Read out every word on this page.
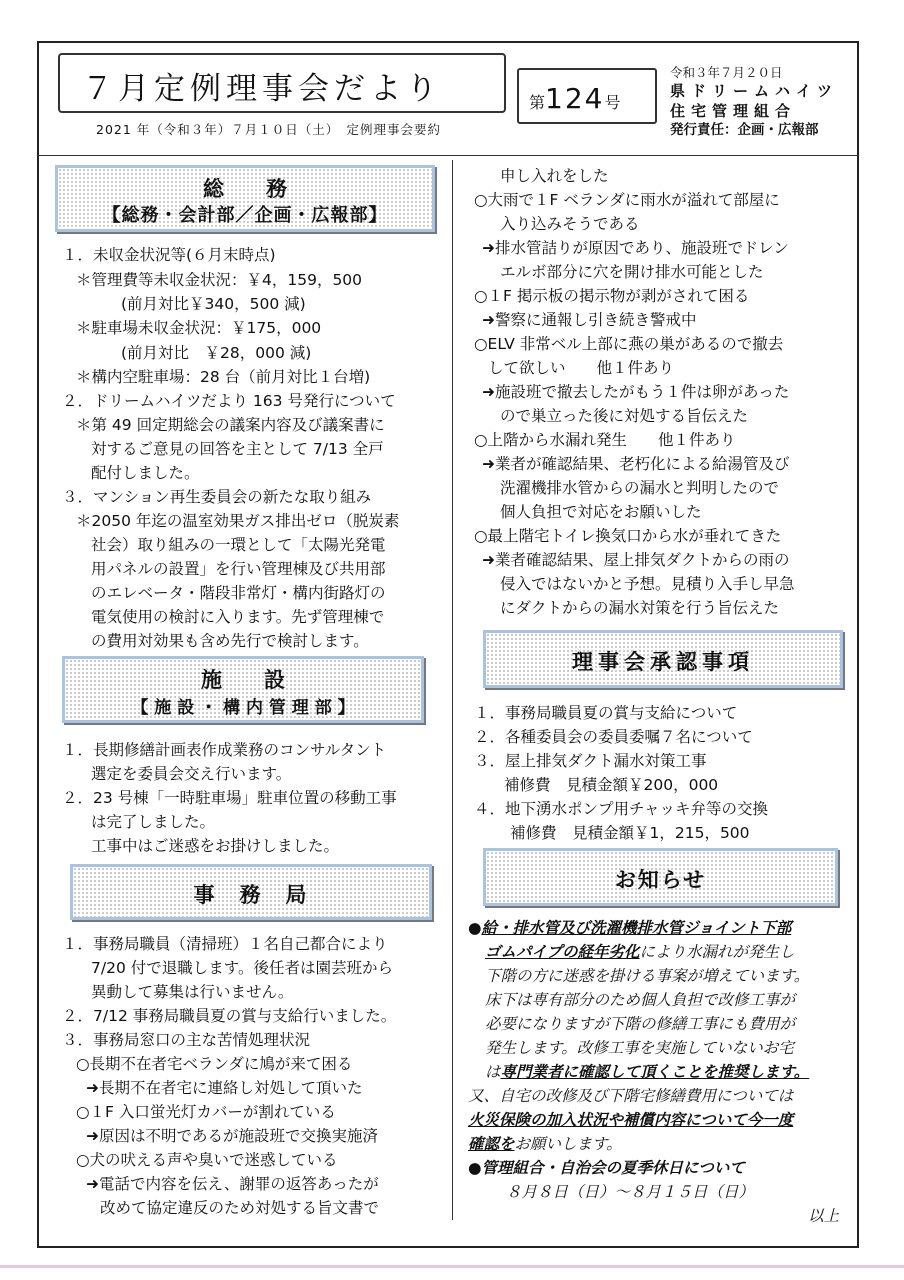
７月定例理事会だより
2021 年（令和３年）７月１０日（土）　定例理事会要約
第124号
令和３年７月２０日
県ドリームハイツ
住宅管理組合
発行責任：企画・広報部
総　　務
【総務・会計部／企画・広報部】
１．未収金状況等(６月末時点)
＊管理費等未収金状況：￥4，159，500
(前月対比￥340，500 減)
＊駐車場未収金状況：￥175，000
(前月対比　￥28，000 減)
＊構内空駐車場：28 台（前月対比１台増)
２．ドリームハイツだより 163 号発行について
＊第 49 回定期総会の議案内容及び議案書に
対するご意見の回答を主として 7/13 全戸
配付しました。
３．マンション再生委員会の新たな取り組み
＊2050 年迄の温室効果ガス排出ゼロ（脱炭素
社会）取り組みの一環として「太陽光発電
用パネルの設置」を行い管理棟及び共用部
のエレベータ・階段非常灯・構内街路灯の
電気使用の検討に入ります。先ず管理棟で
の費用対効果も含め先行で検討します。
施　　設
【 施 設 ・ 構 内 管 理 部 】
１．長期修繕計画表作成業務のコンサルタント
選定を委員会交え行います。
２．23 号棟「一時駐車場」駐車位置の移動工事
は完了しました。
工事中はご迷惑をお掛けしました。
事　務　局
１．事務局職員（清掃班）１名自己都合により
7/20 付で退職します。後任者は園芸班から
異動して募集は行いません。
２．7/12 事務局職員夏の賞与支給行いました。
３．事務局窓口の主な苦情処理状況
○長期不在者宅ベランダに鳩が来て困る
➜長期不在者宅に連絡し対処して頂いた
○１F 入口蛍光灯カバーが割れている
➜原因は不明であるが施設班で交換実施済
○犬の吠える声や臭いで迷惑している
➜電話で内容を伝え、謝罪の返答あったが
改めて協定違反のため対処する旨文書で
申し入れをした
○大雨で１F ベランダに雨水が溢れて部屋に
入り込みそうである
➜排水管詰りが原因であり、施設班でドレン
エルボ部分に穴を開け排水可能とした
○１F 掲示板の掲示物が剥がされて困る
➜警察に通報し引き続き警戒中
○ELV 非常ベル上部に燕の巣があるので撤去
して欲しい　　他１件あり
➜施設班で撤去したがもう１件は卵があった
ので巣立った後に対処する旨伝えた
○上階から水漏れ発生　　他１件あり
➜業者が確認結果、老朽化による給湯管及び
洗濯機排水管からの漏水と判明したので
個人負担で対応をお願いした
○最上階宅トイレ換気口から水が垂れてきた
➜業者確認結果、屋上排気ダクトからの雨の
侵入ではないかと予想。見積り入手し早急
にダクトからの漏水対策を行う旨伝えた
理事会承認事項
１．事務局職員夏の賞与支給について
２．各種委員会の委員委嘱７名について
３．屋上排気ダクト漏水対策工事
補修費　見積金額￥200，000
４．地下湧水ポンプ用チャッキ弁等の交換
補修費　見積金額￥1，215，500
お知らせ
●給・排水管及び洗濯機排水管ジョイント下部
ゴムパイプの経年劣化により水漏れが発生し
下階の方に迷惑を掛ける事案が増えています。
床下は専有部分のため個人負担で改修工事が
必要になりますが下階の修繕工事にも費用が
発生します。改修工事を実施していないお宅
は専門業者に確認して頂くことを推奨します。
又、自宅の改修及び下階宅修繕費用については
火災保険の加入状況や補償内容について今一度
確認をお願いします。
●管理組合・自治会の夏季休日について
８月８日（日）～８月１５日（日）
以上
